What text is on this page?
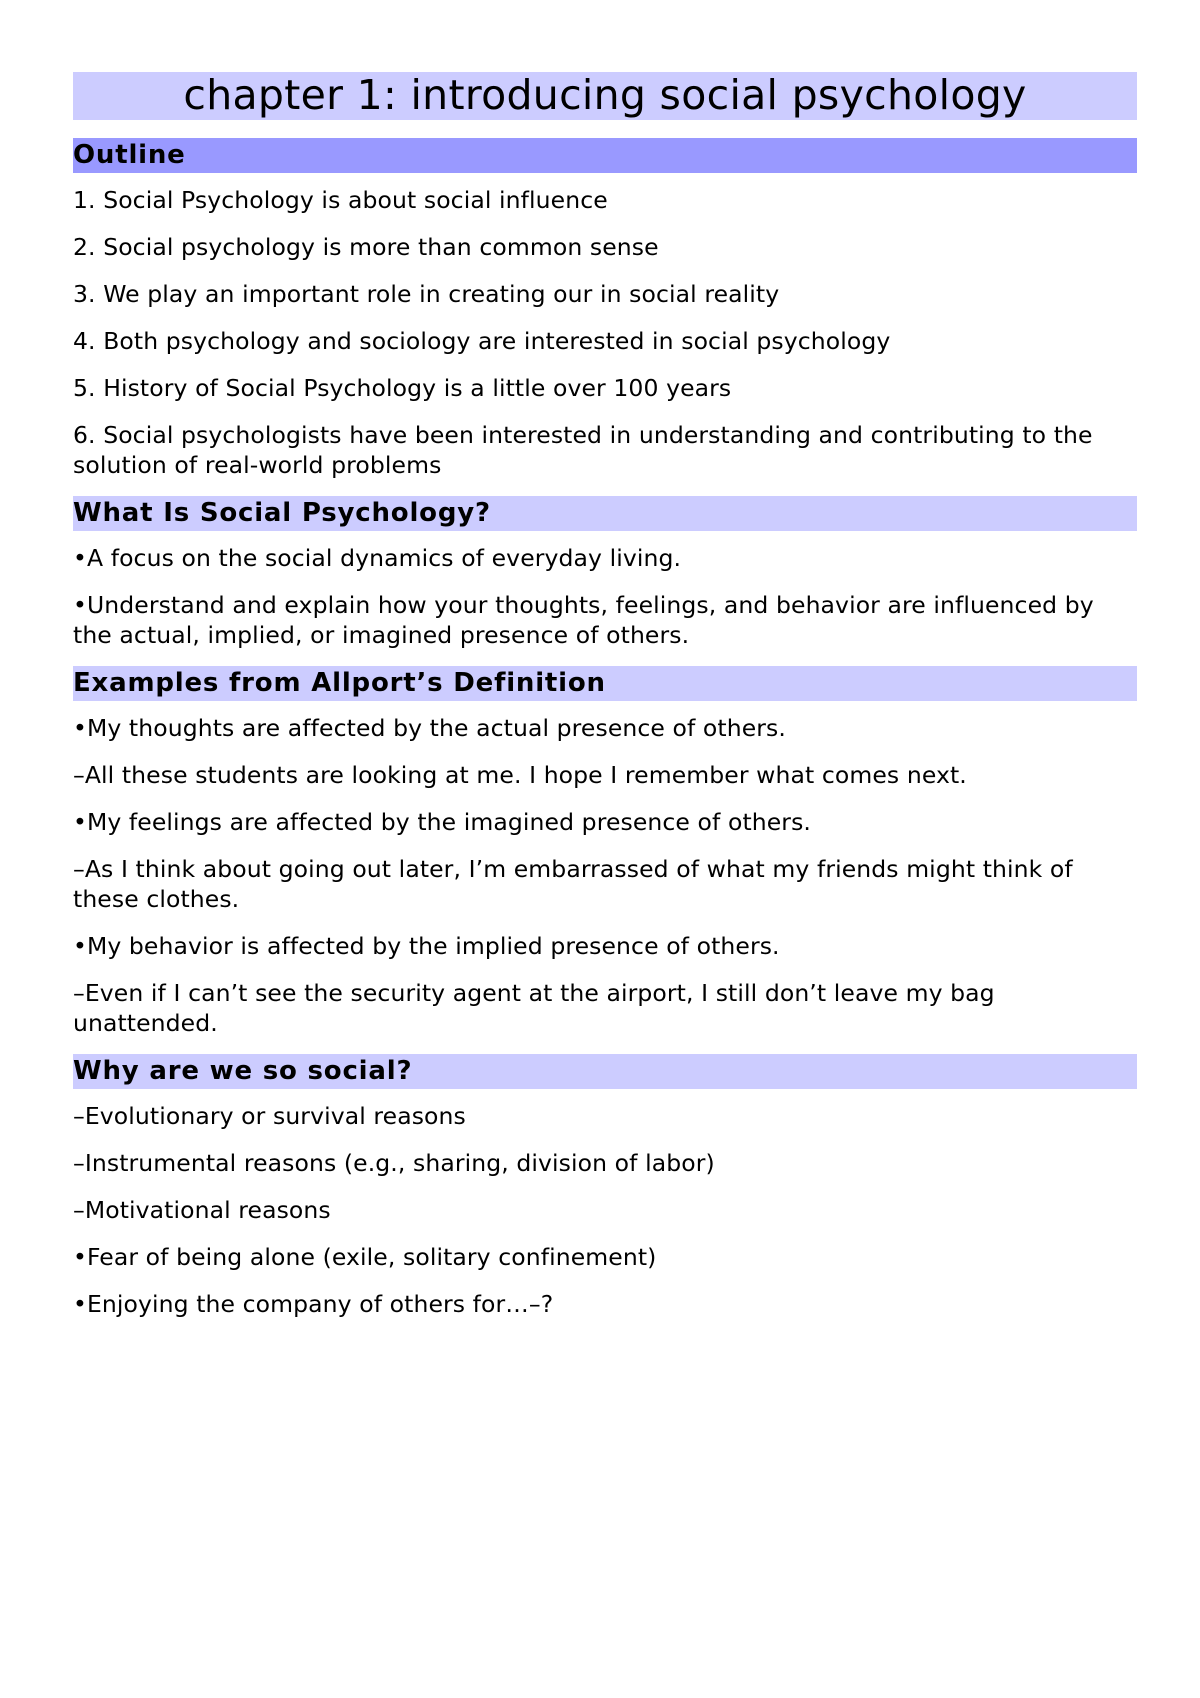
chapter 1: introducing social psychology
Outline
1. Social Psychology is about social influence
2. Social psychology is more than common sense
3. We play an important role in creating our in social reality
4. Both psychology and sociology are interested in social psychology
5. History of Social Psychology is a little over 100 years
6. Social psychologists have been interested in understanding and contributing to the solution of real-world problems
What Is Social Psychology?
•A focus on the social dynamics of everyday living.
•Understand and explain how your thoughts, feelings, and behavior are influenced by the actual, implied, or imagined presence of others.
Examples from Allport’s Definition
•My thoughts are affected by the actual presence of others.
–All these students are looking at me. I hope I remember what comes next.
•My feelings are affected by the imagined presence of others.
–As I think about going out later, I’m embarrassed of what my friends might think of these clothes.
•My behavior is affected by the implied presence of others.
–Even if I can’t see the security agent at the airport, I still don’t leave my bag unattended.
Why are we so social?
–Evolutionary or survival reasons
–Instrumental reasons (e.g., sharing, division of labor)
–Motivational reasons
•Fear of being alone (exile, solitary confinement)
•Enjoying the company of others for…–?
